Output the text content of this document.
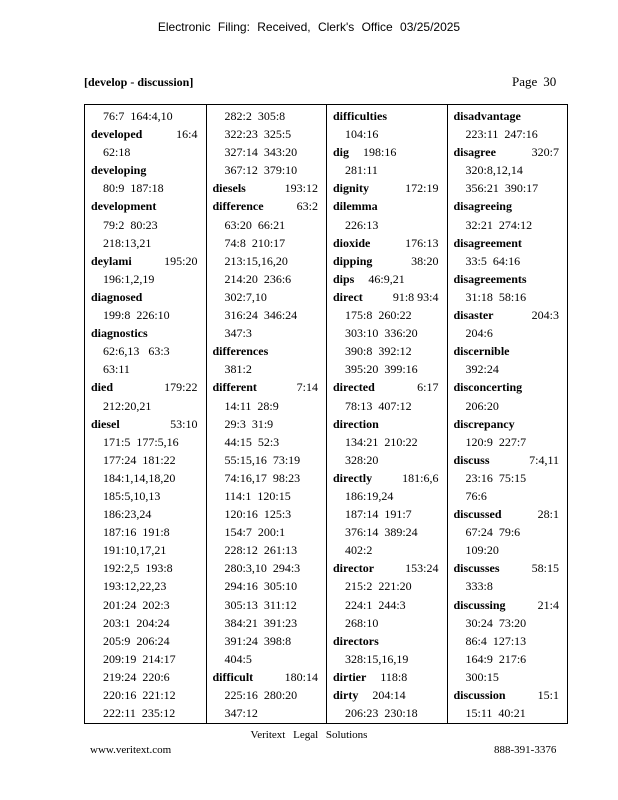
Electronic Filing: Received, Clerk's Office 03/25/2025
[develop - discussion]	Page 30
76:7  164:4,10
developed	16:4
62:18
developing
80:9  187:18
development
79:2  80:23
218:13,21
deylami	195:20
196:1,2,19
diagnosed
199:8  226:10
diagnostics
62:6,13   63:3
63:11
died	179:22
212:20,21
diesel	53:10
171:5  177:5,16
177:24  181:22
184:1,14,18,20
185:5,10,13
186:23,24
187:16  191:8
191:10,17,21
192:2,5  193:8
193:12,22,23
201:24  202:3
203:1  204:24
205:9  206:24
209:19  214:17
219:24  220:6
220:16  221:12
222:11  235:12
282:2  305:8
322:23  325:5
327:14  343:20
367:12  379:10
diesels	193:12
difference	63:2
63:20  66:21
74:8  210:17
213:15,16,20
214:20  236:6
302:7,10
316:24  346:24
347:3
differences
381:2
different	7:14
14:11  28:9
29:3  31:9
44:15  52:3
55:15,16  73:19
74:16,17  98:23
114:1  120:15
120:16  125:3
154:7  200:1
228:12  261:13
280:3,10  294:3
294:16  305:10
305:13  311:12
384:21  391:23
391:24  398:8
404:5
difficult	180:14
225:16  280:20
347:12
difficulties
104:16
dig 198:16
281:11
dignity	172:19
dilemma
226:13
dioxide	176:13
dipping	38:20
dips 46:9,21
direct	91:8 93:4
175:8  260:22
303:10  336:20
390:8  392:12
395:20  399:16
directed	6:17
78:13  407:12
direction
134:21  210:22
328:20
directly	181:6,6
186:19,24
187:14  191:7
376:14  389:24
402:2
director	153:24
215:2  221:20
224:1  244:3
268:10
directors
328:15,16,19
dirtier 118:8
dirty 204:14
206:23  230:18
disadvantage
223:11  247:16
disagree	320:7
320:8,12,14
356:21  390:17
disagreeing
32:21  274:12
disagreement
33:5  64:16
disagreements
31:18  58:16
disaster	204:3
204:6
discernible
392:24
disconcerting
206:20
discrepancy
120:9  227:7
discuss	7:4,11
23:16  75:15
76:6
discussed	28:1
67:24  79:6
109:20
discusses	58:15
333:8
discussing	21:4
30:24  73:20
86:4  127:13
164:9  217:6
300:15
discussion	15:1
15:11  40:21
Veritext Legal Solutions
www.veritext.com	888-391-3376
